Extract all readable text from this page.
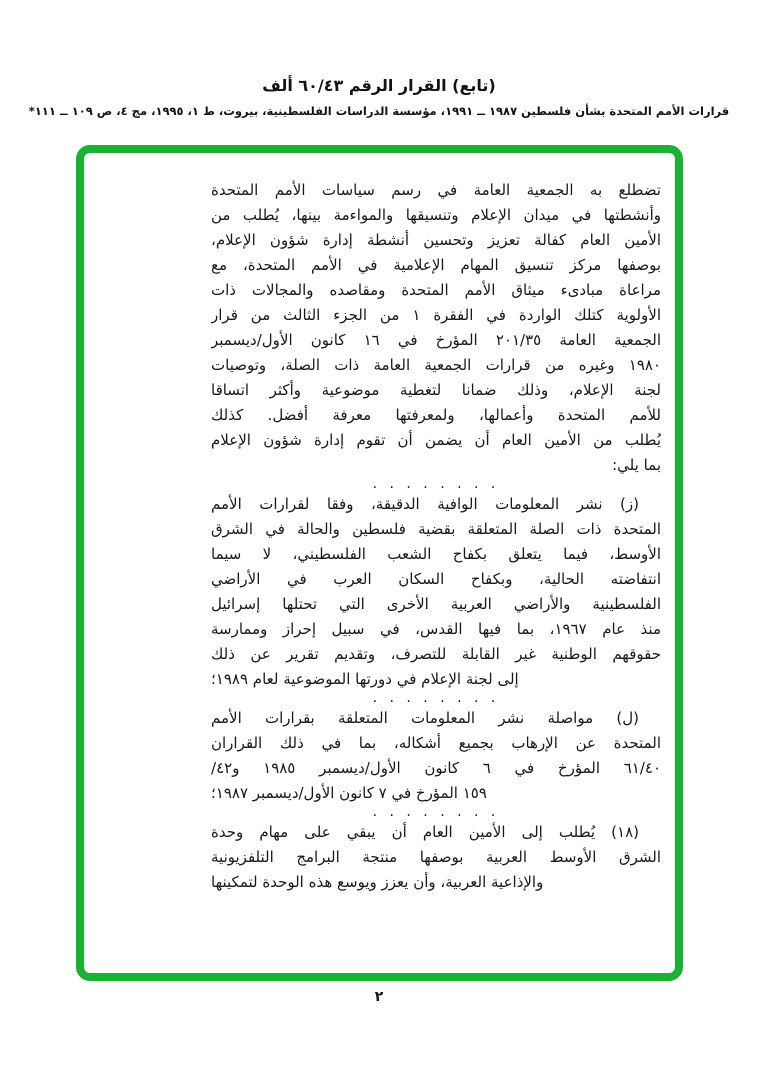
(تابع) القرار الرقم ٦٠/٤٣ ألف
قرارات الأمم المتحدة بشأن فلسطين ١٩٨٧ ــ ١٩٩١، مؤسسة الدراسات الفلسطينية، بيروت، ط ١، ١٩٩٥، مج ٤، ص ١٠٩ ــ ١١١*
تضطلع به الجمعية العامة في رسم سياسات الأمم المتحدة
وأنشطتها في ميدان الإعلام وتنسيقها والمواءمة بينها، يُطلب من
الأمين العام كفالة تعزيز وتحسين أنشطة إدارة شؤون الإعلام،
بوصفها مركز تنسيق المهام الإعلامية في الأمم المتحدة، مع
مراعاة مبادىء ميثاق الأمم المتحدة ومقاصده والمجالات ذات
الأولوية كتلك الواردة في الفقرة ١ من الجزء الثالث من قرار
الجمعية العامة ٢٠١/٣٥ المؤرخ في ١٦ كانون الأول/ديسمبر
١٩٨٠ وغيره من قرارات الجمعية العامة ذات الصلة، وتوصيات
لجنة الإعلام، وذلك ضمانا لتغطية موضوعية وأكثر اتساقا
للأمم المتحدة وأعمالها، ولمعرفتها معرفة أفضل. كذلك
يُطلب من الأمين العام أن يضمن أن تقوم إدارة شؤون الإعلام
بما يلي:
. . . . . . . .
(ز) نشر المعلومات الوافية الدقيقة، وفقا لقرارات الأمم
المتحدة ذات الصلة المتعلقة بقضية فلسطين والحالة في الشرق
الأوسط، فيما يتعلق بكفاح الشعب الفلسطيني، لا سيما
انتفاضته الحالية، وبكفاح السكان العرب في الأراضي
الفلسطينية والأراضي العربية الأخرى التي تحتلها إسرائيل
منذ عام ١٩٦٧، بما فيها القدس، في سبيل إحراز وممارسة
حقوقهم الوطنية غير القابلة للتصرف، وتقديم تقرير عن ذلك
إلى لجنة الإعلام في دورتها الموضوعية لعام ١٩٨٩؛
. . . . . . . .
(ل) مواصلة نشر المعلومات المتعلقة بقرارات الأمم
المتحدة عن الإرهاب بجميع أشكاله، بما في ذلك القراران
٦١/٤٠ المؤرخ في ٦ كانون الأول/ديسمبر ١٩٨٥ و٤٢/
١٥٩ المؤرخ في ٧ كانون الأول/ديسمبر ١٩٨٧؛
. . . . . . . .
(١٨) يُطلب إلى الأمين العام أن يبقي على مهام وحدة
الشرق الأوسط العربية بوصفها منتجة البرامج التلفزيونية
والإذاعية العربية، وأن يعزز ويوسع هذه الوحدة لتمكينها
٢
